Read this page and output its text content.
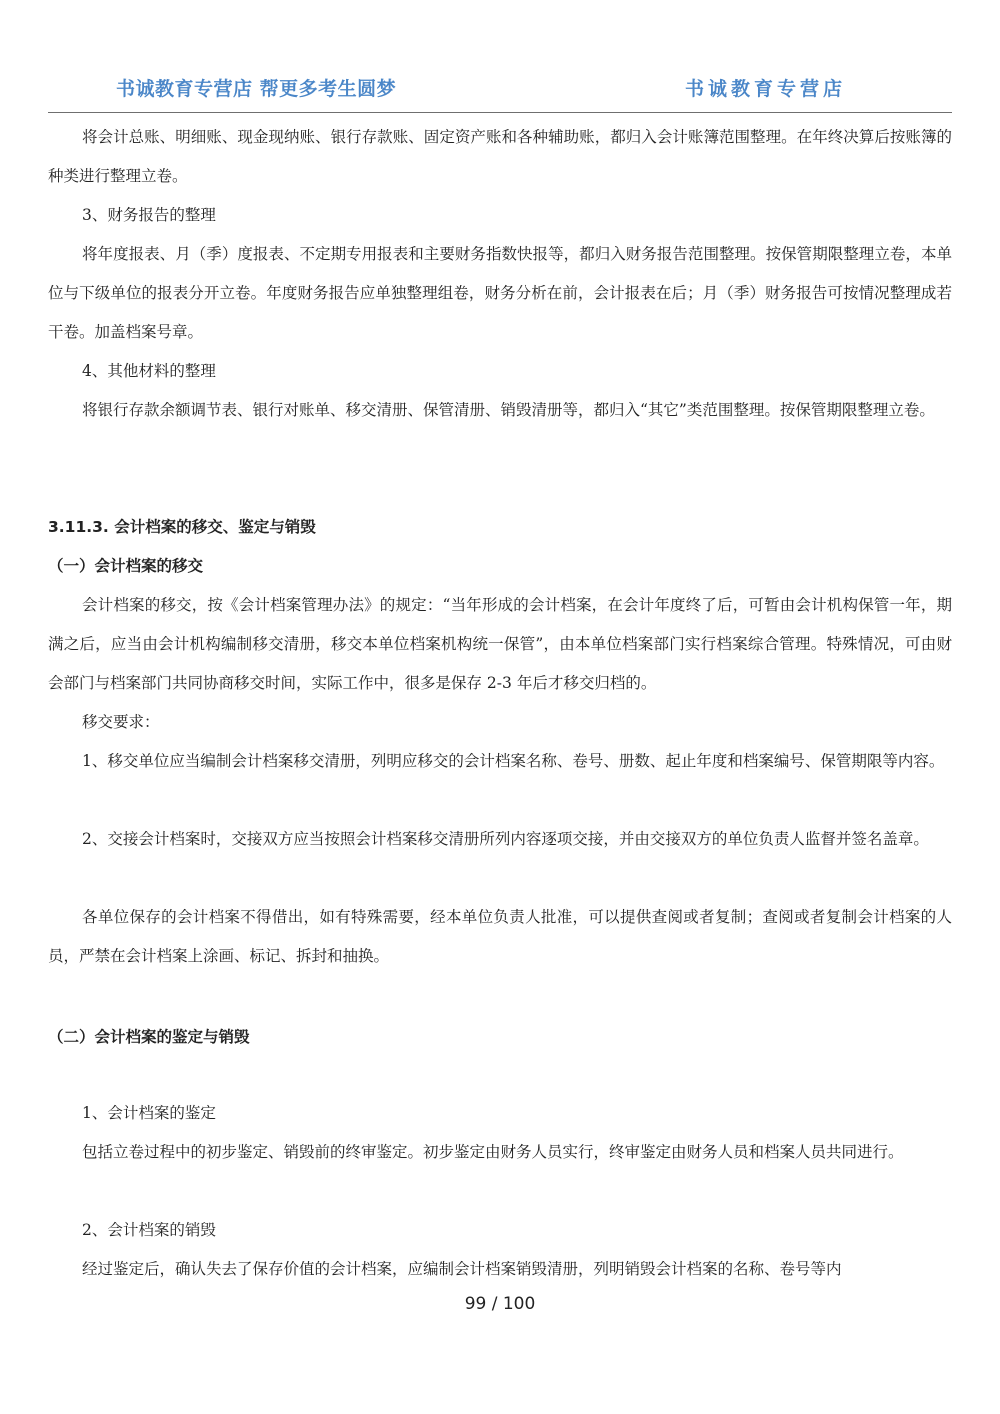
书诚教育专营店 帮更多考生圆梦	书诚教育专营店

将会计总账、明细账、现金现纳账、银行存款账、固定资产账和各种辅助账，都归入会计账簿范围整理。在年终决算后按账簿的种类进行整理立卷。

3、财务报告的整理

将年度报表、月（季）度报表、不定期专用报表和主要财务指数快报等，都归入财务报告范围整理。按保管期限整理立卷，本单位与下级单位的报表分开立卷。年度财务报告应单独整理组卷，财务分析在前，会计报表在后；月（季）财务报告可按情况整理成若干卷。加盖档案号章。

4、其他材料的整理

将银行存款余额调节表、银行对账单、移交清册、保管清册、销毁清册等，都归入“其它”类范围整理。按保管期限整理立卷。

3.11.3. 会计档案的移交、鉴定与销毁

（一）会计档案的移交

会计档案的移交，按《会计档案管理办法》的规定：“当年形成的会计档案，在会计年度终了后，可暂由会计机构保管一年，期满之后，应当由会计机构编制移交清册，移交本单位档案机构统一保管”，由本单位档案部门实行档案综合管理。特殊情况，可由财会部门与档案部门共同协商移交时间，实际工作中，很多是保存 2-3 年后才移交归档的。

移交要求：

1、移交单位应当编制会计档案移交清册，列明应移交的会计档案名称、卷号、册数、起止年度和档案编号、保管期限等内容。

2、交接会计档案时，交接双方应当按照会计档案移交清册所列内容逐项交接，并由交接双方的单位负责人监督并签名盖章。

各单位保存的会计档案不得借出，如有特殊需要，经本单位负责人批准，可以提供查阅或者复制；查阅或者复制会计档案的人员，严禁在会计档案上涂画、标记、拆封和抽换。

（二）会计档案的鉴定与销毁

1、会计档案的鉴定

包括立卷过程中的初步鉴定、销毁前的终审鉴定。初步鉴定由财务人员实行，终审鉴定由财务人员和档案人员共同进行。

2、会计档案的销毁

经过鉴定后，确认失去了保存价值的会计档案，应编制会计档案销毁清册，列明销毁会计档案的名称、卷号等内

99 / 100
